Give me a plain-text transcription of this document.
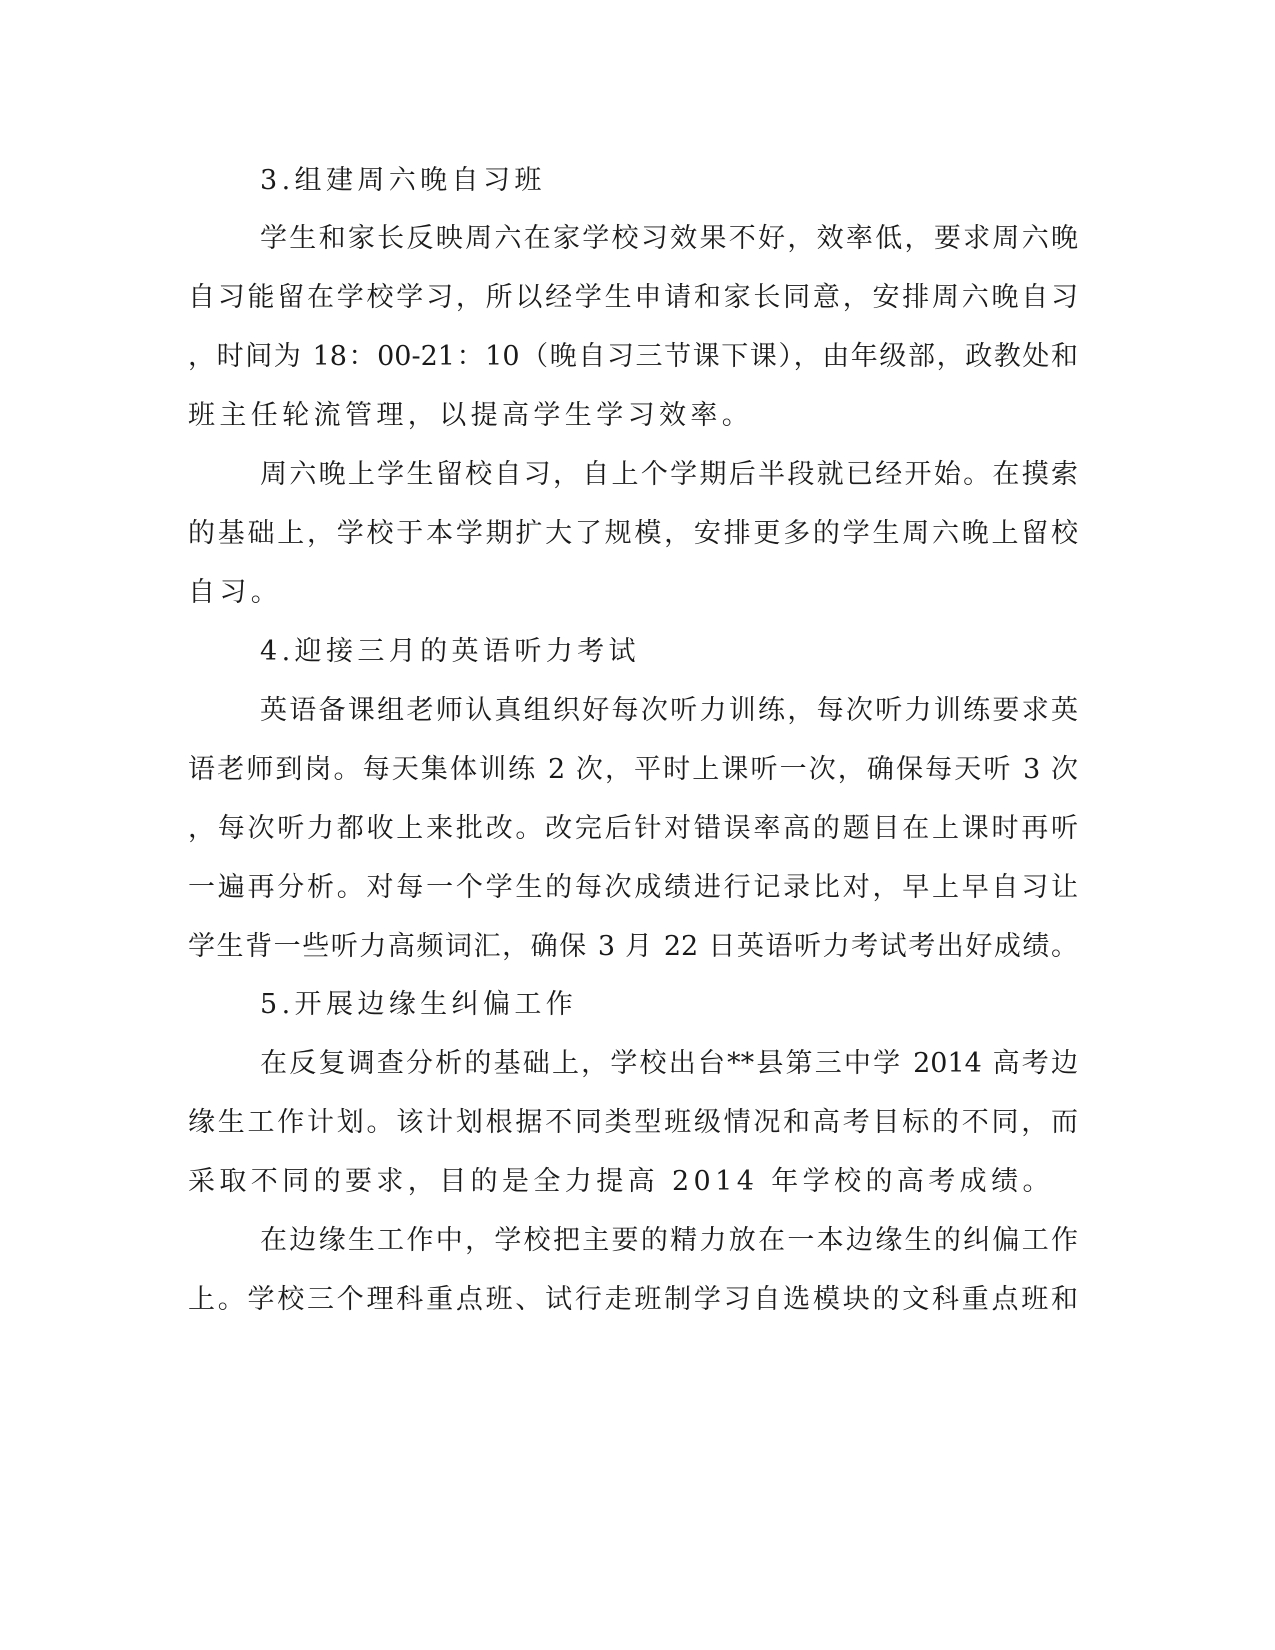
3.组建周六晚自习班
学生和家长反映周六在家学校习效果不好，效率低，要求周六晚
自习能留在学校学习，所以经学生申请和家长同意，安排周六晚自习
，时间为 18：00-21：10（晚自习三节课下课），由年级部，政教处和
班主任轮流管理，以提高学生学习效率。
周六晚上学生留校自习，自上个学期后半段就已经开始。在摸索
的基础上，学校于本学期扩大了规模，安排更多的学生周六晚上留校
自习。
4.迎接三月的英语听力考试
英语备课组老师认真组织好每次听力训练，每次听力训练要求英
语老师到岗。每天集体训练 2 次，平时上课听一次，确保每天听 3 次
，每次听力都收上来批改。改完后针对错误率高的题目在上课时再听
一遍再分析。对每一个学生的每次成绩进行记录比对，早上早自习让
学生背一些听力高频词汇，确保 3 月 22 日英语听力考试考出好成绩。
5.开展边缘生纠偏工作
在反复调查分析的基础上，学校出台**县第三中学 2014 高考边
缘生工作计划。该计划根据不同类型班级情况和高考目标的不同，而
采取不同的要求，目的是全力提高 2014 年学校的高考成绩。
在边缘生工作中，学校把主要的精力放在一本边缘生的纠偏工作
上。学校三个理科重点班、试行走班制学习自选模块的文科重点班和
